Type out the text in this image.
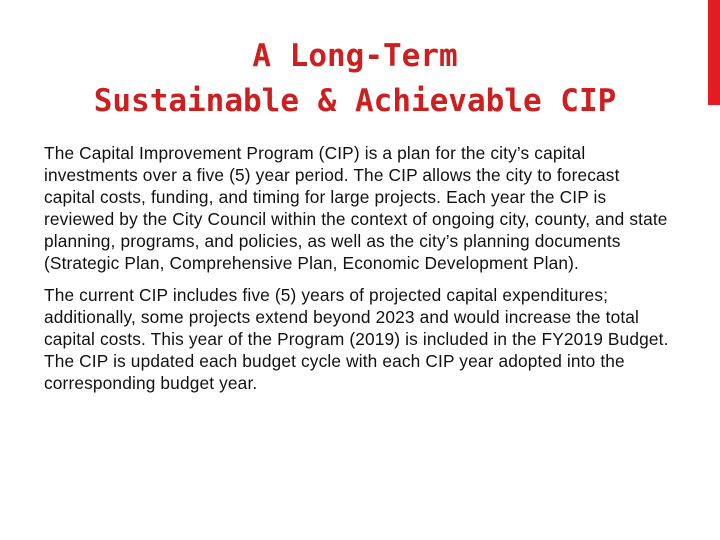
A Long-Term
Sustainable & Achievable CIP

The Capital Improvement Program (CIP) is a plan for the city’s capital investments over a five (5) year period. The CIP allows the city to forecast capital costs, funding, and timing for large projects. Each year the CIP is reviewed by the City Council within the context of ongoing city, county, and state planning, programs, and policies, as well as the city’s planning documents (Strategic Plan, Comprehensive Plan, Economic Development Plan).

The current CIP includes five (5) years of projected capital expenditures; additionally, some projects extend beyond 2023 and would increase the total capital costs. This year of the Program (2019) is included in the FY2019 Budget. The CIP is updated each budget cycle with each CIP year adopted into the corresponding budget year.
